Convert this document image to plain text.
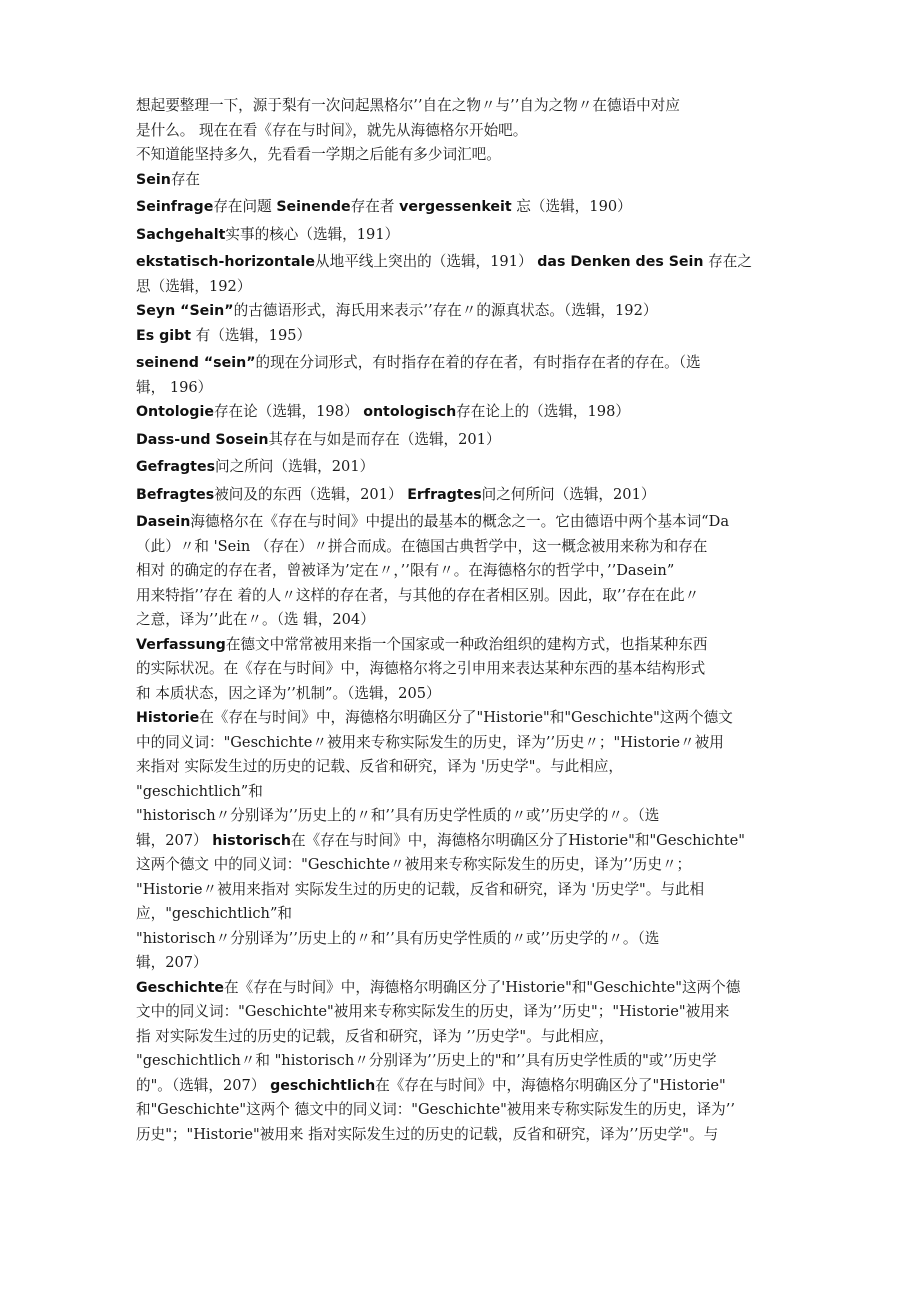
想起要整理一下，源于梨有一次问起黑格尔’’自在之物〃与’’自为之物〃在德语中对应

是什么。 现在在看《存在与时间》，就先从海德格尔开始吧。

不知道能坚持多久，先看看一学期之后能有多少词汇吧。

Sein存在

Seinfrage存在问题 Seinende存在者 vergessenkeit 忘（选辑，190）

Sachgehalt实事的核心（选辑，191）

ekstatisch-horizontale从地平线上突出的（选辑，191） das Denken des Sein 存在之

思（选辑，192）

Seyn “Sein”的古德语形式，海氏用来表示’’存在〃的源真状态。（选辑，192）

Es gibt 有（选辑，195）

seinend “sein”的现在分词形式，有时指存在着的存在者，有时指存在者的存在。（选

辑， 196）

Ontologie存在论（选辑，198） ontologisch存在论上的（选辑，198）

Dass-und Sosein其存在与如是而存在（选辑，201）

Gefragtes问之所问（选辑，201）

Befragtes被问及的东西（选辑，201） Erfragtes问之何所问（选辑，201）

Dasein海德格尔在《存在与时间》中提出的最基本的概念之一。它由德语中两个基本词“Da

（此）〃和 'Sein （存在）〃拼合而成。在德国古典哲学中，这一概念被用来称为和存在

相对 的确定的存在者，曾被译为’定在〃，’’限有〃。在海德格尔的哲学中，’’Dasein”

用来特指’’存在 着的人〃这样的存在者，与其他的存在者相区别。因此，取’’存在在此〃

之意，译为’’此在〃。（选 辑，204）

Verfassung在德文中常常被用来指一个国家或一种政治组织的建构方式，也指某种东西

的实际状况。在《存在与时间》中，海德格尔将之引申用来表达某种东西的基本结构形式

和 本质状态，因之译为’’机制”。（选辑，205）

Historie在《存在与时间》中，海德格尔明确区分了"Historie"和"Geschichte"这两个德文

中的同义词："Geschichte〃被用来专称实际发生的历史，译为’’历史〃；"Historie〃被用

来指对 实际发生过的历史的记载、反省和研究，译为 '历史学"。与此相应，

"geschichtlich”和

"historisch〃分别译为’’历史上的〃和’’具有历史学性质的〃或’’历史学的〃。（选

辑，207） historisch在《存在与时间》中，海德格尔明确区分了Historie"和"Geschichte"

这两个德文 中的同义词："Geschichte〃被用来专称实际发生的历史，译为’’历史〃；

"Historie〃被用来指对 实际发生过的历史的记载，反省和研究，译为 '历史学"。与此相

应，"geschichtlich”和

"historisch〃分别译为’’历史上的〃和’’具有历史学性质的〃或’’历史学的〃。（选

辑，207）

Geschichte在《存在与时间》中，海德格尔明确区分了'Historie"和"Geschichte"这两个德

文中的同义词："Geschichte"被用来专称实际发生的历史，译为’’历史"；"Historie"被用来

指 对实际发生过的历史的记载，反省和研究，译为 ’’历史学"。与此相应，

"geschichtlich〃和 "historisch〃分别译为’’历史上的"和’’具有历史学性质的"或’’历史学

的"。（选辑，207） geschichtlich在《存在与时间》中，海德格尔明确区分了"Historie"

和"Geschichte"这两个 德文中的同义词："Geschichte"被用来专称实际发生的历史，译为’’

历史"；"Historie"被用来 指对实际发生过的历史的记载，反省和研究，译为’’历史学"。与
